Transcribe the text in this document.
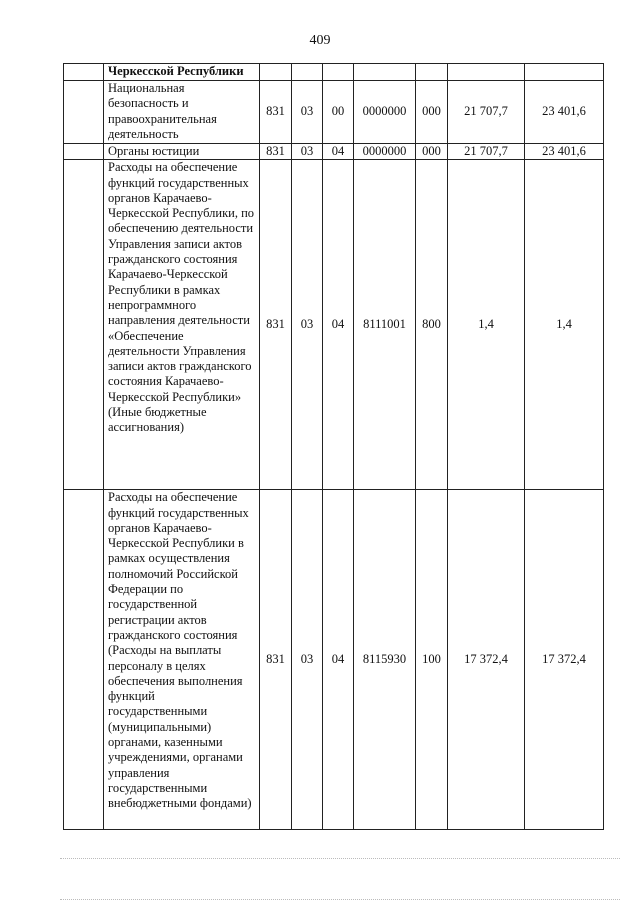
409
	Черкесской Республики							
	Национальная безопасность и правоохранительная деятельность	831	03	00	0000000	000	21 707,7	23 401,6
	Органы юстиции	831	03	04	0000000	000	21 707,7	23 401,6
	Расходы на обеспечение функций государственных органов Карачаево-Черкесской Республики, по обеспечению деятельности Управления записи актов гражданского состояния Карачаево-Черкесской Республики в рамках непрограммного направления деятельности «Обеспечение деятельности Управления записи актов гражданского состояния Карачаево-Черкесской Республики» (Иные бюджетные ассигнования)	831	03	04	8111001	800	1,4	1,4
	Расходы на обеспечение функций государственных органов Карачаево-Черкесской Республики в рамках осуществления полномочий Российской Федерации по государственной регистрации актов гражданского состояния (Расходы на выплаты персоналу в целях обеспечения выполнения функций государственными (муниципальными) органами, казенными учреждениями, органами управления государственными внебюджетными фондами)	831	03	04	8115930	100	17 372,4	17 372,4
